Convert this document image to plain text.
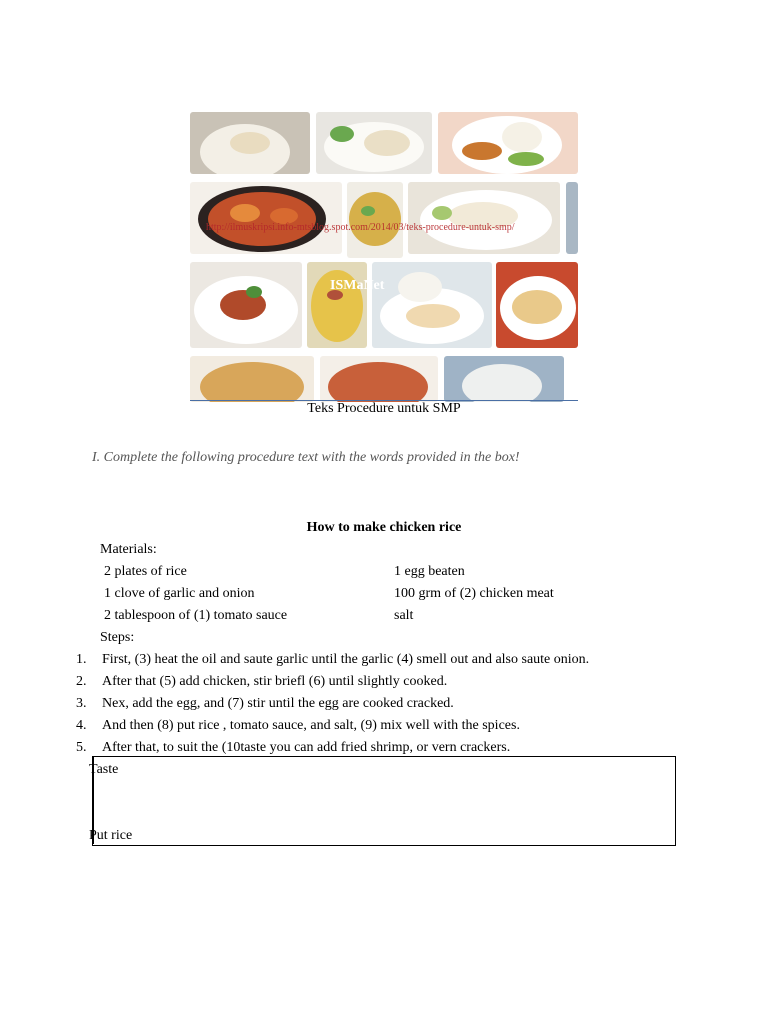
http://ilmuskripsi.info-mtsblog.spot.com/2014/03/teks-procedure-untuk-smp/
ISMaNet
Teks Procedure untuk SMP
I. Complete the following procedure text with the words provided in the box!
How to make chicken rice
Materials:
2 plates of rice
1 clove of garlic and onion
2 tablespoon of (1) tomato sauce
1 egg beaten
100 grm of (2) chicken meat
salt
Steps:
1. First, (3) heat the oil and saute garlic until the garlic (4) smell out and also saute onion.
2. After that (5) add chicken, stir briefl (6) until slightly cooked.
3. Nex, add the egg, and (7) stir until the egg are cooked cracked.
4. And then (8) put rice , tomato sauce, and salt, (9) mix well with the spices.
5. After that, to suit the (10taste you can add fried shrimp, or vern crackers.
Taste
Put rice
